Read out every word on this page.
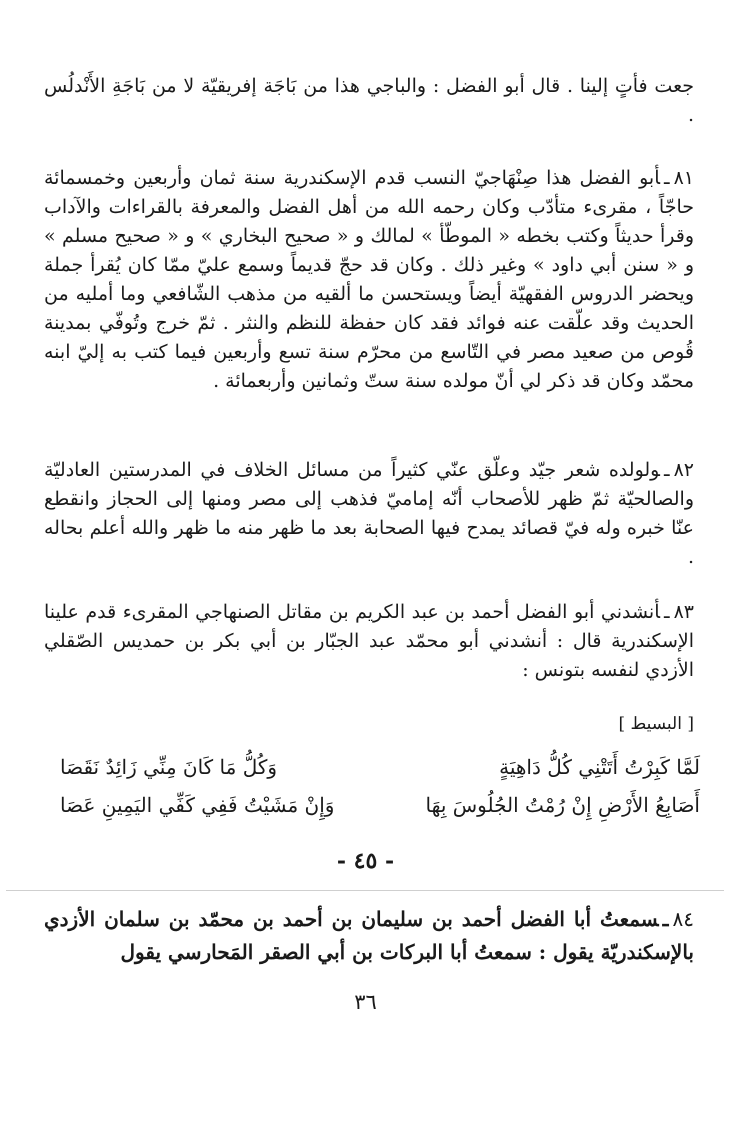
جعت فأتٍ إلينا . قال أبو الفضل : والباجي هذا من بَاجَة إفريقيّة لا من بَاجَةِ الأَنْدلُس .

٨١ـأبو الفضل هذا صِنْهَاجيّ النسب قدم الإسكندرية سنة ثمان وأربعين وخمسمائة حاجّاً ، مقرىء متأدّب وكان رحمه الله من أهل الفضل والمعرفة بالقراءات والآداب وقرأ حديثاً وكتب بخطه « الموطّأ » لمالك و « صحيح البخاري » و « صحيح مسلم » و « سنن أبي داود » وغير ذلك . وكان قد حجّ قديماً وسمع عليّ ممّا كان يُقرأ جملة ويحضر الدروس الفقهيّة أيضاً ويستحسن ما ألقيه من مذهب الشّافعي وما أمليه من الحديث وقد علّقت عنه فوائد فقد كان حفظة للنظم والنثر . ثمّ خرج وتُوفّي بمدينة قُوص من صعيد مصر في التّاسع من محرّم سنة تسع وأربعين فيما كتب به إليّ ابنه محمّد وكان قد ذكر لي أنّ مولده سنة ستّ وثمانين وأربعمائة .

٨٢ـولولده شعر جيّد وعلّق عنّي كثيراً من مسائل الخلاف في المدرستين العادليّة والصالحيّة ثمّ ظهر للأصحاب أنّه إماميّ فذهب إلى مصر ومنها إلى الحجاز وانقطع عنّا خبره وله فيّ قصائد يمدح فيها الصحابة بعد ما ظهر منه ما ظهر والله أعلم بحاله .

٨٣ـأنشدني أبو الفضل أحمد بن عبد الكريم بن مقاتل الصنهاجي المقرىء قدم علينا الإسكندرية قال : أنشدني أبو محمّد عبد الجبّار بن أبي بكر بن حمديس الصّقلي الأزدي لنفسه بتونس :

[ البسيط ]
لَمَّا كَبِرْتُ أَتَتْنِي كُلُّ دَاهِيَةٍ
وَكُلُّ مَا كَانَ مِنِّي زَائِدٌ نَقَصَا
أَصَابِعُ الأَرْضِ إِنْ رُمْتُ الجُلُوسَ بِهَا
وَإِنْ مَشَيْتُ فَفِي كَفِّي اليَمِينِ عَصَا
- ٤٥ -

٨٤ـسمعتُ أبا الفضل أحمد بن سليمان بن أحمد بن محمّد بن سلمان الأزدي بالإسكندريّة يقول : سمعتُ أبا البركات بن أبي الصقر المَحارسي يقول

٣٦
